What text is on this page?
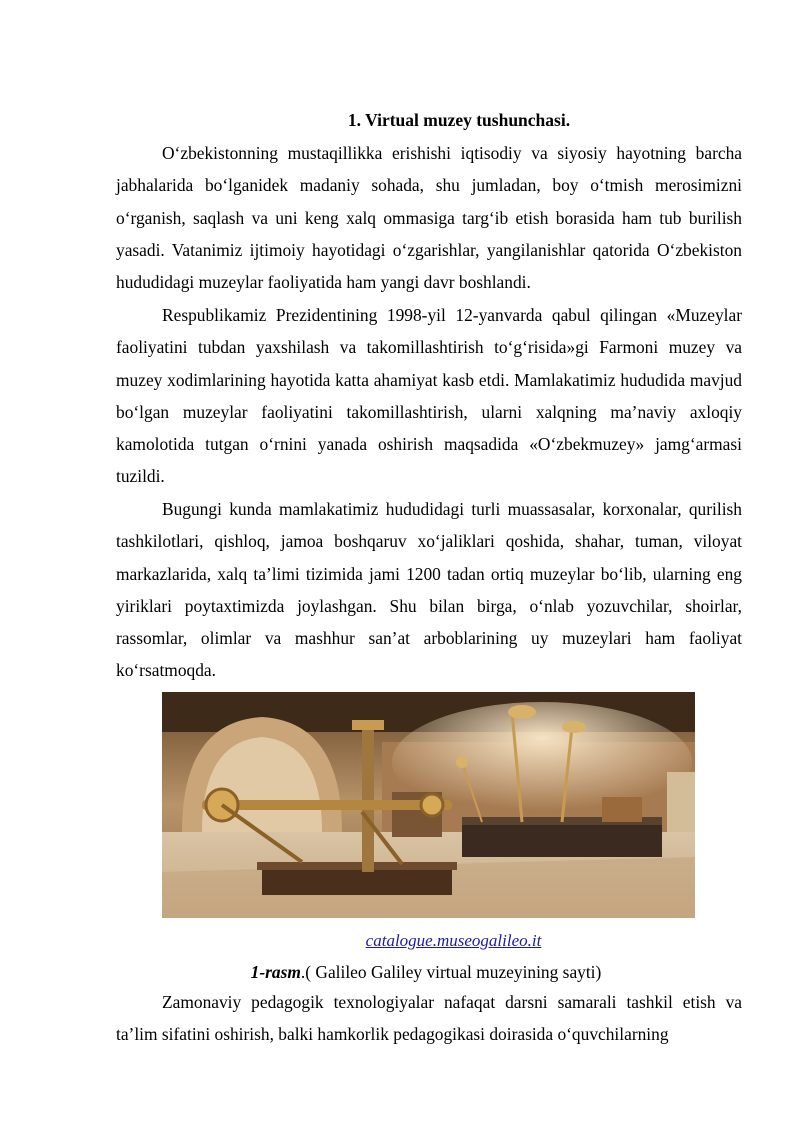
1. Virtual muzey tushunchasi.

O‘zbekistonning mustaqillikka erishishi iqtisodiy va siyosiy hayotning barcha jabhalarida bo‘lganidek madaniy sohada, shu jumladan, boy o‘tmish merosimizni o‘rganish, saqlash va uni keng xalq ommasiga targ‘ib etish borasida ham tub burilish yasadi. Vatanimiz ijtimoiy hayotidagi o‘zgarishlar, yangilanishlar qatorida O‘zbekiston hududidagi muzeylar faoliyatida ham yangi davr boshlandi.

Respublikamiz Prezidentining 1998-yil 12-yanvarda qabul qilingan «Muzeylar faoliyatini tubdan yaxshilash va takomillashtirish to‘g‘risida»gi Farmoni muzey va muzey xodimlarining hayotida katta ahamiyat kasb etdi. Mamlakatimiz hududida mavjud bo‘lgan muzeylar faoliyatini takomillashtirish, ularni xalqning ma’naviy axloqiy kamolotida tutgan o‘rnini yanada oshirish maqsadida «O‘zbekmuzey» jamg‘armasi tuzildi.

Bugungi kunda mamlakatimiz hududidagi turli muassasalar, korxonalar, qurilish tashkilotlari, qishloq, jamoa boshqaruv xo‘jaliklari qoshida, shahar, tuman, viloyat markazlarida, xalq ta’limi tizimida jami 1200 tadan ortiq muzeylar bo‘lib, ularning eng yiriklari poytaxtimizda joylashgan. Shu bilan birga, o‘nlab yozuvchilar, shoirlar, rassomlar, olimlar va mashhur san’at arboblarining uy muzeylari ham faoliyat ko‘rsatmoqda.

catalogue.museogalileo.it
1-rasm.( Galileo Galiley virtual muzeyining sayti)

Zamonaviy pedagogik texnologiyalar nafaqat darsni samarali tashkil etish va ta’lim sifatini oshirish, balki hamkorlik pedagogikasi doirasida o‘quvchilarning
